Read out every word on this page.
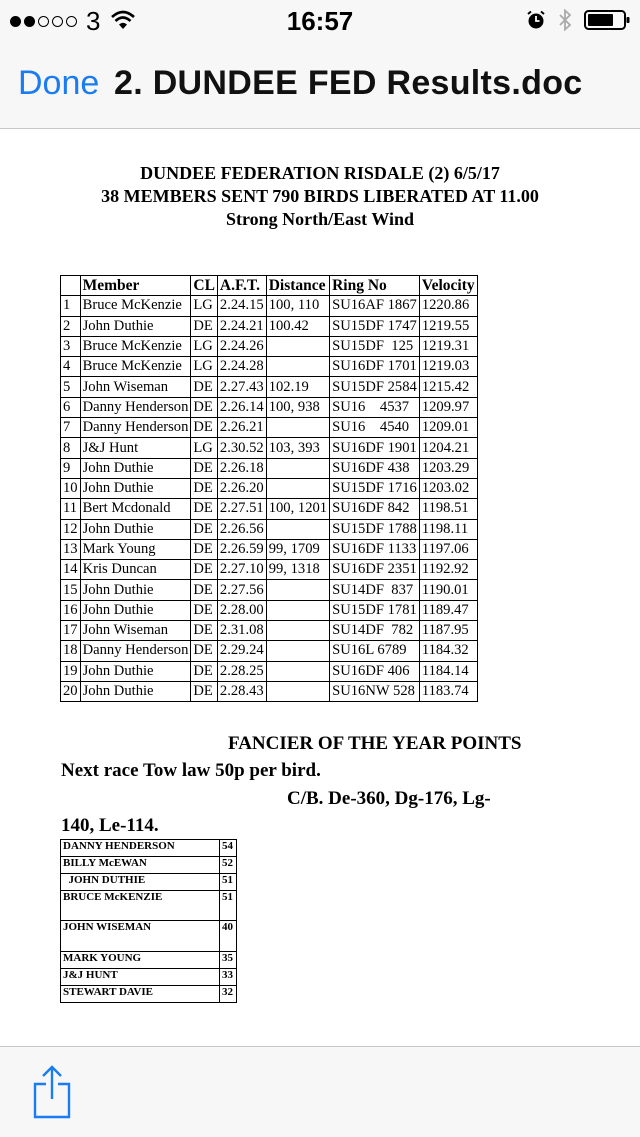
3	16:57
Done 2. DUNDEE FED Results.doc
DUNDEE FEDERATION RISDALE (2) 6/5/17
38 MEMBERS SENT 790 BIRDS LIBERATED AT 11.00
Strong North/East Wind
	Member	CL	A.F.T.	Distance	Ring No	Velocity
1	Bruce McKenzie	LG	2.24.15	100, 110	SU16AF 1867	1220.86
2	John Duthie	DE	2.24.21	100.42	SU15DF 1747	1219.55
3	Bruce McKenzie	LG	2.24.26		SU15DF  125	1219.31
4	Bruce McKenzie	LG	2.24.28		SU16DF 1701	1219.03
5	John Wiseman	DE	2.27.43	102.19	SU15DF 2584	1215.42
6	Danny Henderson	DE	2.26.14	100, 938	SU16    4537	1209.97
7	Danny Henderson	DE	2.26.21		SU16    4540	1209.01
8	J&J Hunt	LG	2.30.52	103, 393	SU16DF 1901	1204.21
9	John Duthie	DE	2.26.18		SU16DF 438	1203.29
10	John Duthie	DE	2.26.20		SU15DF 1716	1203.02
11	Bert Mcdonald	DE	2.27.51	100, 1201	SU16DF 842	1198.51
12	John Duthie	DE	2.26.56		SU15DF 1788	1198.11
13	Mark Young	DE	2.26.59	99, 1709	SU16DF 1133	1197.06
14	Kris Duncan	DE	2.27.10	99, 1318	SU16DF 2351	1192.92
15	John Duthie	DE	2.27.56		SU14DF  837	1190.01
16	John Duthie	DE	2.28.00		SU15DF 1781	1189.47
17	John Wiseman	DE	2.31.08		SU14DF  782	1187.95
18	Danny Henderson	DE	2.29.24		SU16L 6789	1184.32
19	John Duthie	DE	2.28.25		SU16DF 406	1184.14
20	John Duthie	DE	2.28.43		SU16NW 528	1183.74
FANCIER OF THE YEAR POINTS
Next race Tow law 50p per bird.
C/B. De-360, Dg-176, Lg-
140, Le-114.
DANNY HENDERSON	54
BILLY McEWAN	52
JOHN DUTHIE	51
BRUCE McKENZIE	51
JOHN WISEMAN	40
MARK YOUNG	35
J&J HUNT	33
STEWART DAVIE	32
